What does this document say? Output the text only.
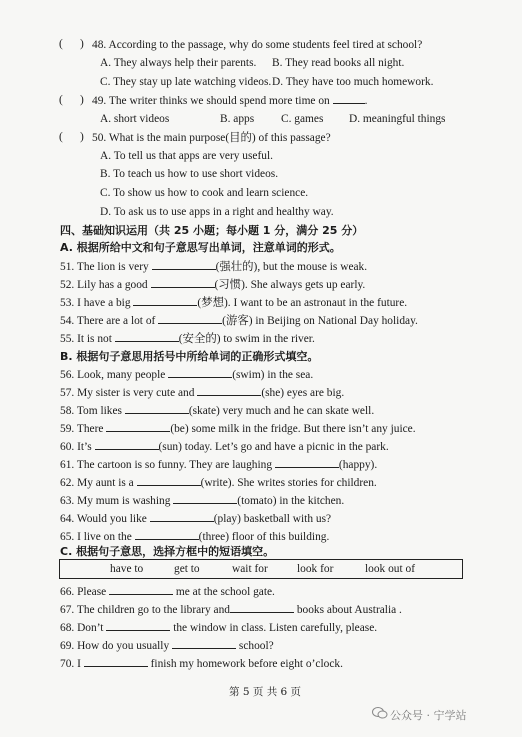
( ) 48. According to the passage, why do some students feel tired at school?
A. They always help their parents. B. They read books all night.
C. They stay up late watching videos. D. They have too much homework.
( ) 49. The writer thinks we should spend more time on	.
A. short videos	B. apps C. games D. meaningful things
( ) 50. What is the main purpose(目的) of this passage?
A. To tell us that apps are very useful.
B. To teach us how to use short videos.
C. To show us how to cook and learn science.
D. To ask us to use apps in a right and healthy way.
四、基础知识运用（共 25 小题；每小题 1 分，满分 25 分）
A. 根据所给中文和句子意思写出单词，注意单词的形式。
51. The lion is very	(强壮的), but the mouse is weak.
52. Lily has a good	(习惯). She always gets up early.
53. I have a big	(梦想). I want to be an astronaut in the future.
54. There are a lot of	(游客) in Beijing on National Day holiday.
55. It is not	(安全的) to swim in the river.
B. 根据句子意思用括号中所给单词的正确形式填空。
56. Look, many people	(swim) in the sea.
57. My sister is very cute and	(she) eyes are big.
58. Tom likes	(skate) very much and he can skate well.
59. There	(be) some milk in the fridge. But there isn’t any juice.
60. It’s	(sun) today. Let’s go and have a picnic in the park.
61. The cartoon is so funny. They are laughing	(happy).
62. My aunt is a	(write). She writes stories for children.
63. My mum is washing	(tomato) in the kitchen.
64. Would you like	(play) basketball with us?
65. I live on the	(three) floor of this building.
C. 根据句子意思，选择方框中的短语填空。
have to	get to	wait for	look for	look out of
66. Please	me at the school gate.
67. The children go to the library and	books about Australia .
68. Don’t	the window in class. Listen carefully, please.
69. How do you usually	school?
70. I	finish my homework before eight o’clock.
第 5 页 共 6 页
公众号 · 宁学站
